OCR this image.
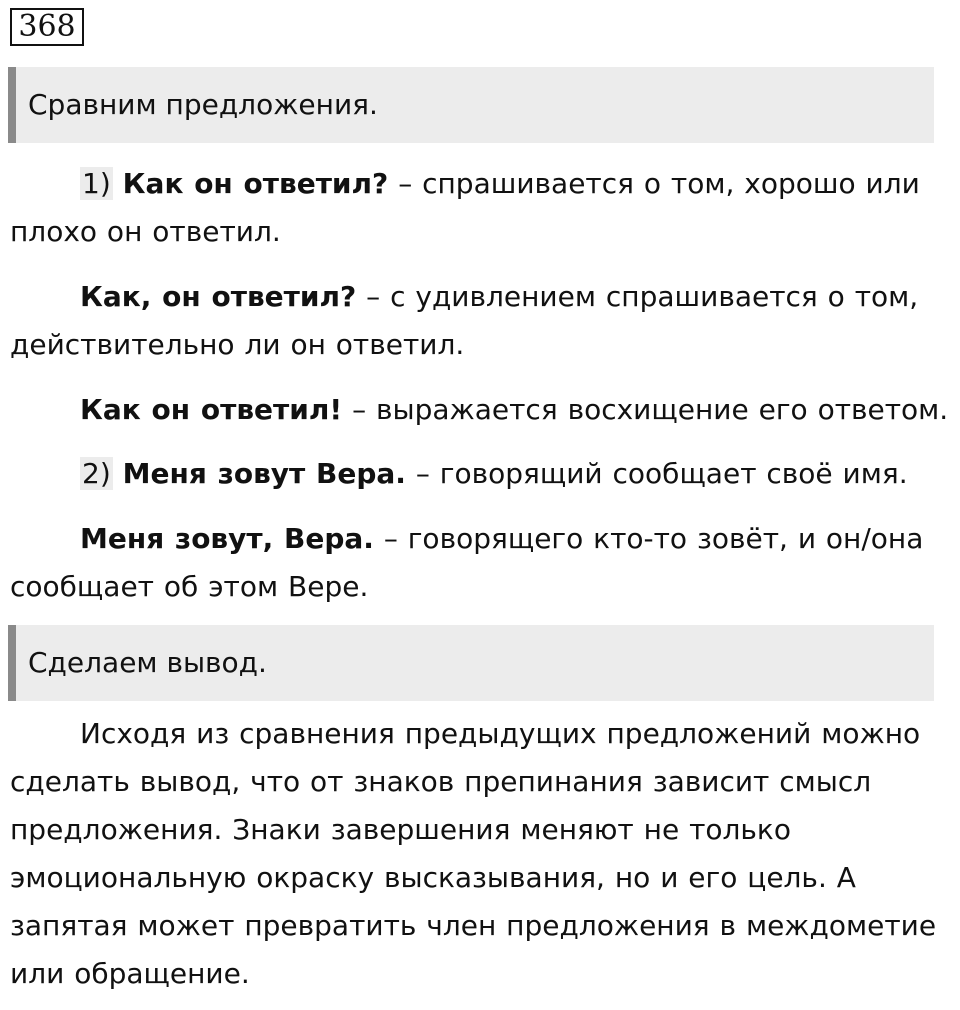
368
Сравним предложения.

1) Как он ответил? – спрашивается о том, хорошо или плохо он ответил.

Как, он ответил? – с удивлением спрашивается о том, действительно ли он ответил.

Как он ответил! – выражается восхищение его ответом.

2) Меня зовут Вера. – говорящий сообщает своё имя.

Меня зовут, Вера. – говорящего кто-то зовёт, и он/она сообщает об этом Вере.

Сделаем вывод.

Исходя из сравнения предыдущих предложений можно сделать вывод, что от знаков препинания зависит смысл предложения. Знаки завершения меняют не только эмоциональную окраску высказывания, но и его цель. А запятая может превратить член предложения в междометие или обращение.
